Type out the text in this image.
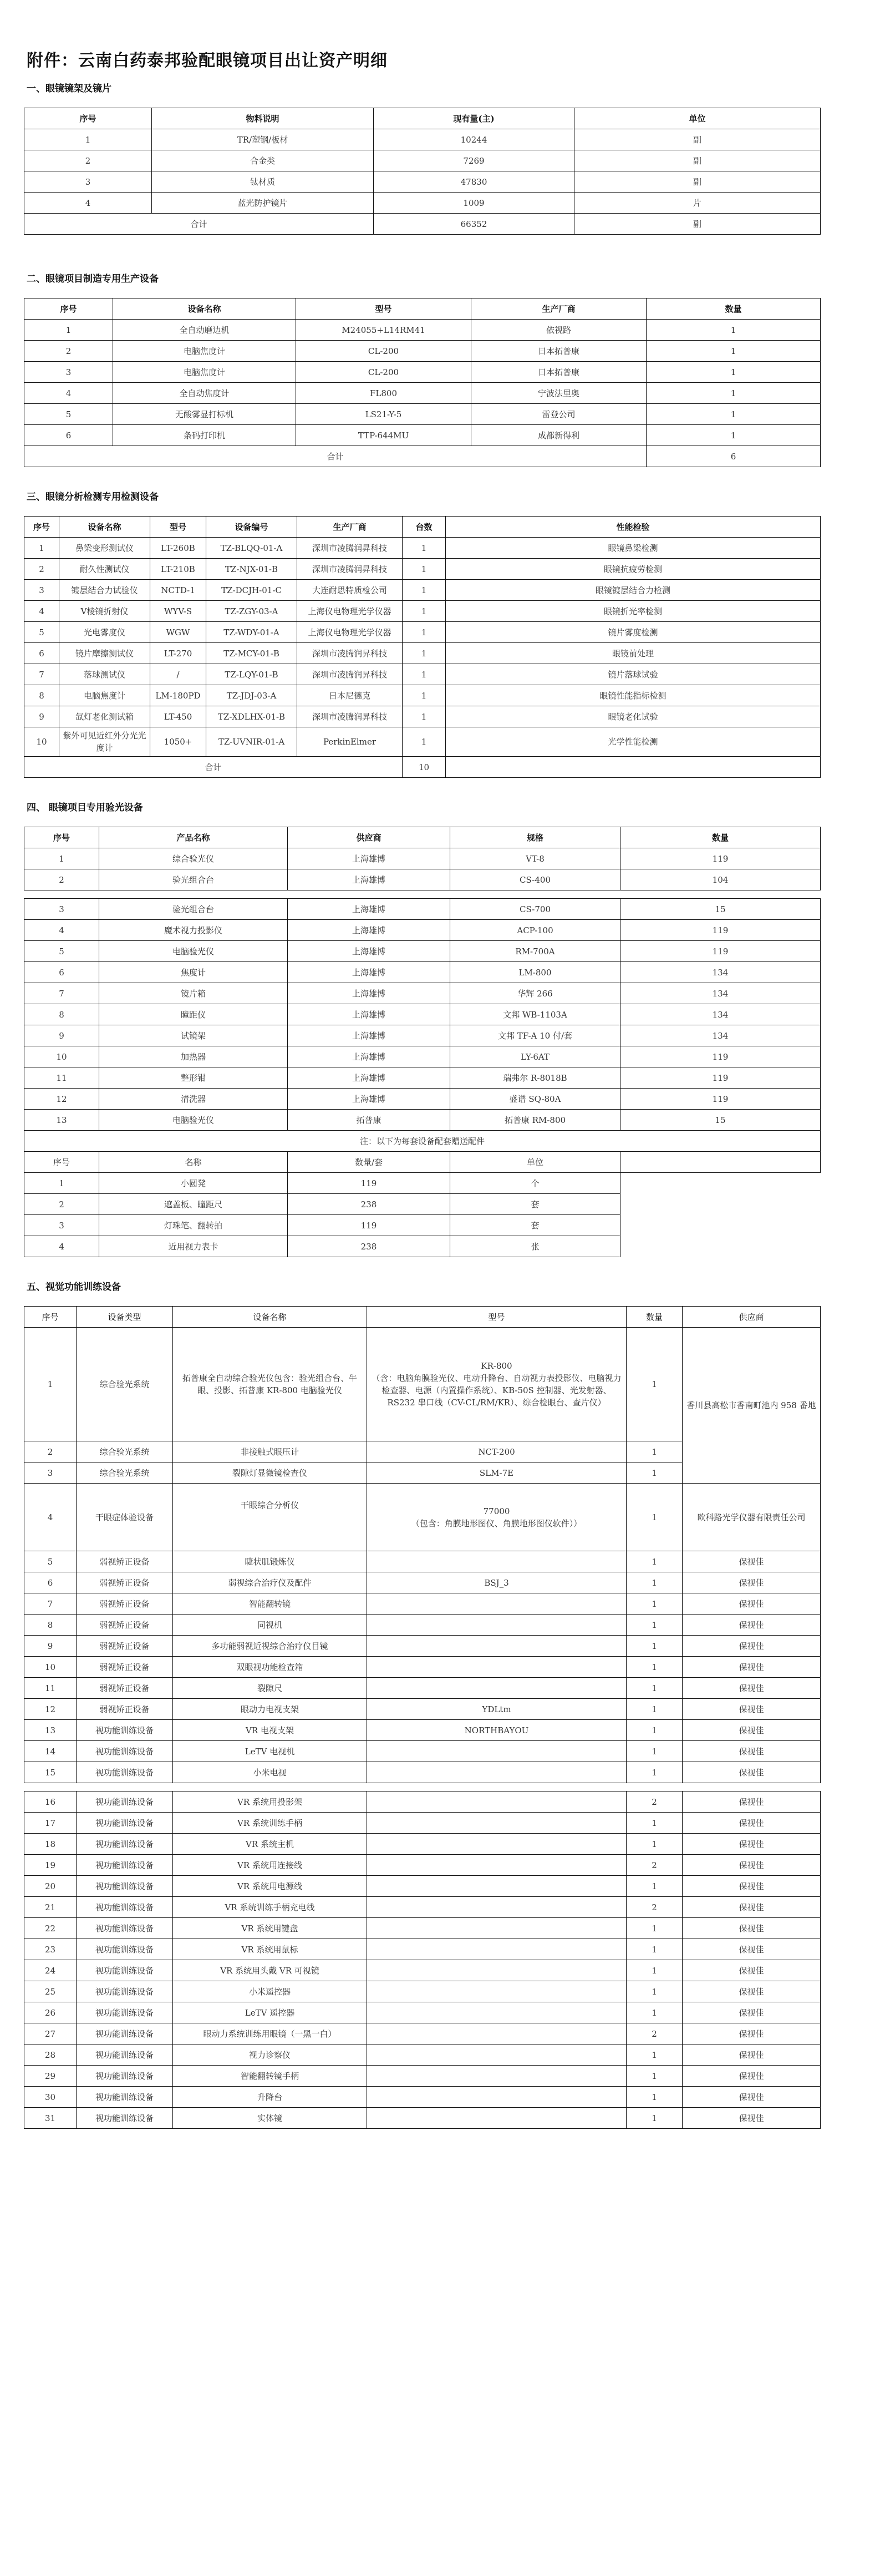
附件：云南白药泰邦验配眼镜项目出让资产明细
一、眼镜镜架及镜片
序号	物料说明	现有量(主)	单位
1	TR/塑钢/板材	10244	副
2	合金类	7269	副
3	钛材质	47830	副
4	蓝光防护镜片	1009	片
合计		66352	副
二、眼镜项目制造专用生产设备
序号	设备名称	型号	生产厂商	数量
1	全自动磨边机	M24055+L14RM41	依视路	1
2	电脑焦度计	CL-200	日本拓普康	1
3	电脑焦度计	CL-200	日本拓普康	1
4	全自动焦度计	FL800	宁波法里奥	1
5	无酸雾显打标机	LS21-Y-5	雷登公司	1
6	条码打印机	TTP-644MU	成都新得利	1
合计				6
三、眼镜分析检测专用检测设备
序号	设备名称	型号	设备编号	生产厂商	台数	性能检验
1	鼻梁变形测试仪	LT-260B	TZ-BLQQ-01-A	深圳市凌腾润昇科技	1	眼镜鼻梁检测
2	耐久性测试仪	LT-210B	TZ-NJX-01-B	深圳市凌腾润昇科技	1	眼镜抗疲劳检测
3	镀层结合力试验仪	NCTD-1	TZ-DCJH-01-C	大连耐思特质检公司	1	眼镜镀层结合力检测
4	V棱镜折射仪	WYV-S	TZ-ZGY-03-A	上海仪电物理光学仪器	1	眼镜折光率检测
5	光电雾度仪	WGW	TZ-WDY-01-A	上海仪电物理光学仪器	1	镜片雾度检测
6	镜片摩擦测试仪	LT-270	TZ-MCY-01-B	深圳市凌腾润昇科技	1	眼镜前处理
7	落球测试仪	/	TZ-LQY-01-B	深圳市凌腾润昇科技	1	镜片落球试验
8	电脑焦度计	LM-180PD	TZ-JDJ-03-A	日本尼德克	1	眼镜性能指标检测
9	氙灯老化测试箱	LT-450	TZ-XDLHX-01-B	深圳市凌腾润昇科技	1	眼镜老化试验
10	紫外可见近红外分光光度计	1050+	TZ-UVNIR-01-A	PerkinElmer	1	光学性能检测
合计					10	
四、 眼镜项目专用验光设备
序号	产品名称	供应商	规格	数量
1	综合验光仪	上海雄博	VT-8	119
2	验光组合台	上海雄博	CS-400	104
3	验光组合台	上海雄博	CS-700	15
4	魔术视力投影仪	上海雄博	ACP-100	119
5	电脑验光仪	上海雄博	RM-700A	119
6	焦度计	上海雄博	LM-800	134
7	镜片箱	上海雄博	华辉 266	134
8	瞳距仪	上海雄博	文邦 WB-1103A	134
9	试镜架	上海雄博	文邦 TF-A 10 付/套	134
10	加热器	上海雄博	LY-6AT	119
11	整形钳	上海雄博	瑞弗尔 R-8018B	119
12	清洗器	上海雄博	盛谱 SQ-80A	119
13	电脑验光仪	拓普康	拓普康 RM-800	15
注：以下为每套设备配套赠送配件				
序号	名称	数量/套	单位	
1	小圆凳	119	个	
2	遮盖板、瞳距尺	238	套	
3	灯珠笔、翻转拍	119	套	
4	近用视力表卡	238	张	
五、视觉功能训练设备
序号	设备类型	设备名称	型号	数量	供应商
1	综合验光系统	拓普康全自动综合验光仪包含：验光组合台、牛眼、投影、拓普康 KR-800 电脑验光仪	KR-800
（含：电脑角膜验光仪、电动升降台、自动视力表投影仪、电脑视力检查器、电源（内置操作系统）、KB-50S 控制器、光发射器、RS232 串口线（CV-CL/RM/KR）、综合检眼台、查片仪）	1	香川县高松市香南町池内 958 番地
2	综合验光系统	非接触式眼压计	NCT-200	1	
3	综合验光系统	裂隙灯显微镜检查仪	SLM-7E	1	
4	干眼症体验设备	干眼综合分析仪	77000
（包含：角膜地形图仪、角膜地形图仪软件））	1	欧科路光学仪器有限责任公司
5	弱视矫正设备	睫状肌锻炼仪		1	保视佳
6	弱视矫正设备	弱视综合治疗仪及配件	BSJ_3	1	保视佳
7	弱视矫正设备	智能翻转镜		1	保视佳
8	弱视矫正设备	同视机		1	保视佳
9	弱视矫正设备	多功能弱视近视综合治疗仪目镜		1	保视佳
10	弱视矫正设备	双眼视功能检查箱		1	保视佳
11	弱视矫正设备	裂隙尺		1	保视佳
12	弱视矫正设备	眼动力电视支架	YDLtm	1	保视佳
13	视功能训练设备	VR 电视支架	NORTHBAYOU	1	保视佳
14	视功能训练设备	LeTV 电视机		1	保视佳
15	视功能训练设备	小米电视		1	保视佳
16	视功能训练设备	VR 系统用投影架		2	保视佳
17	视功能训练设备	VR 系统训练手柄		1	保视佳
18	视功能训练设备	VR 系统主机		1	保视佳
19	视功能训练设备	VR 系统用连接线		2	保视佳
20	视功能训练设备	VR 系统用电源线		1	保视佳
21	视功能训练设备	VR 系统训练手柄充电线		2	保视佳
22	视功能训练设备	VR 系统用键盘		1	保视佳
23	视功能训练设备	VR 系统用鼠标		1	保视佳
24	视功能训练设备	VR 系统用头戴 VR 可视镜		1	保视佳
25	视功能训练设备	小米遥控器		1	保视佳
26	视功能训练设备	LeTV 遥控器		1	保视佳
27	视功能训练设备	眼动力系统训练用眼镜（一黑一白）		2	保视佳
28	视功能训练设备	视力诊察仪		1	保视佳
29	视功能训练设备	智能翻转镜手柄		1	保视佳
30	视功能训练设备	升降台		1	保视佳
31	视功能训练设备	实体镜		1	保视佳
